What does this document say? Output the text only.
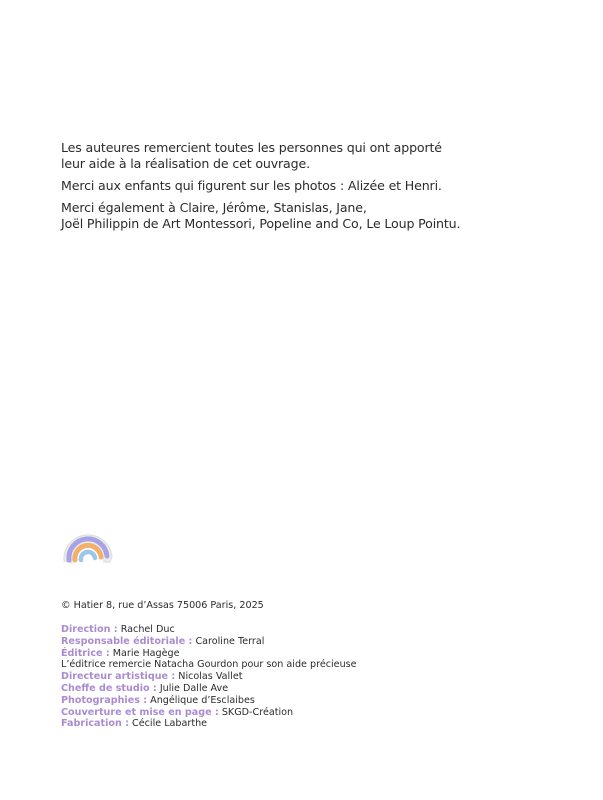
Les auteures remercient toutes les personnes qui ont apporté
leur aide à la réalisation de cet ouvrage.

Merci aux enfants qui figurent sur les photos : Alizée et Henri.

Merci également à Claire, Jérôme, Stanislas, Jane,
Joël Philippin de Art Montessori, Popeline and Co, Le Loup Pointu.

© Hatier 8, rue d’Assas 75006 Paris, 2025
Direction : Rachel Duc
Responsable éditoriale : Caroline Terral
Éditrice : Marie Hagège
L’éditrice remercie Natacha Gourdon pour son aide précieuse
Directeur artistique : Nicolas Vallet
Cheffe de studio : Julie Dalle Ave
Photographies : Angélique d’Esclaibes
Couverture et mise en page : SKGD-Création
Fabrication : Cécile Labarthe
